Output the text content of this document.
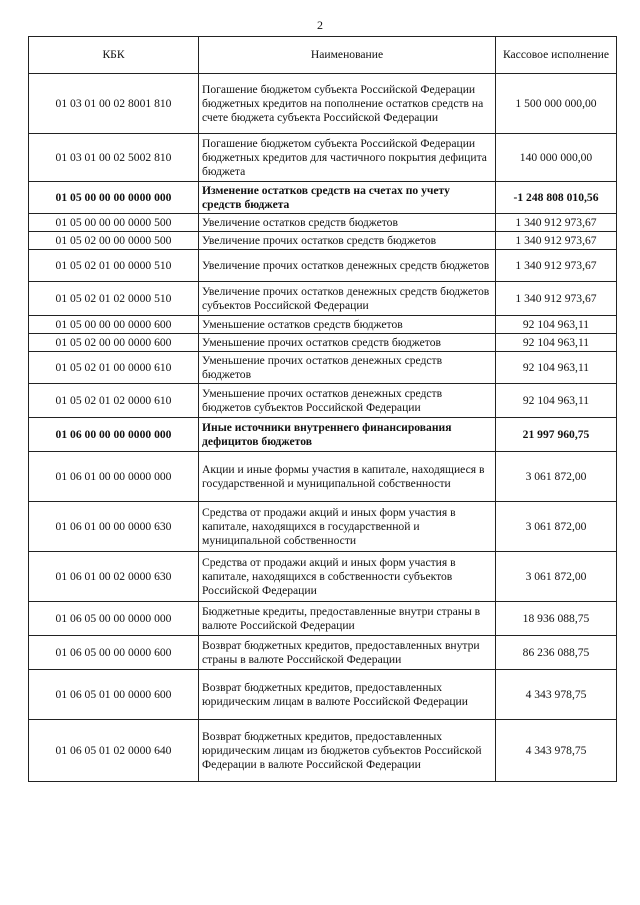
2
КБК	Наименование	Кассовое исполнение
01 03 01 00 02 8001 810	Погашение бюджетом субъекта Российской Федерации бюджетных кредитов на пополнение остатков средств на счете бюджета субъекта Российской Федерации	1 500 000 000,00
01 03 01 00 02 5002 810	Погашение бюджетом субъекта Российской Федерации бюджетных кредитов для частичного покрытия дефицита бюджета	140 000 000,00
01 05 00 00 00 0000 000	Изменение остатков средств на счетах по учету средств бюджета	-1 248 808 010,56
01 05 00 00 00 0000 500	Увеличение остатков средств бюджетов	1 340 912 973,67
01 05 02 00 00 0000 500	Увеличение прочих остатков средств бюджетов	1 340 912 973,67
01 05 02 01 00 0000 510	Увеличение прочих остатков денежных средств бюджетов	1 340 912 973,67
01 05 02 01 02 0000 510	Увеличение прочих остатков денежных средств бюджетов субъектов Российской Федерации	1 340 912 973,67
01 05 00 00 00 0000 600	Уменьшение остатков средств бюджетов	92 104 963,11
01 05 02 00 00 0000 600	Уменьшение прочих остатков средств бюджетов	92 104 963,11
01 05 02 01 00 0000 610	Уменьшение прочих остатков денежных средств бюджетов	92 104 963,11
01 05 02 01 02 0000 610	Уменьшение прочих остатков денежных средств бюджетов субъектов Российской Федерации	92 104 963,11
01 06 00 00 00 0000 000	Иные источники внутреннего финансирования дефицитов бюджетов	21 997 960,75
01 06 01 00 00 0000 000	Акции и иные формы участия в капитале, находящиеся в государственной и муниципальной собственности	3 061 872,00
01 06 01 00 00 0000 630	Средства от продажи акций и иных форм участия в капитале, находящихся в государственной и муниципальной собственности	3 061 872,00
01 06 01 00 02 0000 630	Средства от продажи акций и иных форм участия в капитале, находящихся в собственности субъектов Российской Федерации	3 061 872,00
01 06 05 00 00 0000 000	Бюджетные кредиты, предоставленные внутри страны в валюте Российской Федерации	18 936 088,75
01 06 05 00 00 0000 600	Возврат бюджетных кредитов, предоставленных внутри страны в валюте Российской Федерации	86 236 088,75
01 06 05 01 00 0000 600	Возврат бюджетных кредитов, предоставленных юридическим лицам в валюте Российской Федерации	4 343 978,75
01 06 05 01 02 0000 640	Возврат бюджетных кредитов, предоставленных юридическим лицам из бюджетов субъектов Российской Федерации в валюте Российской Федерации	4 343 978,75
